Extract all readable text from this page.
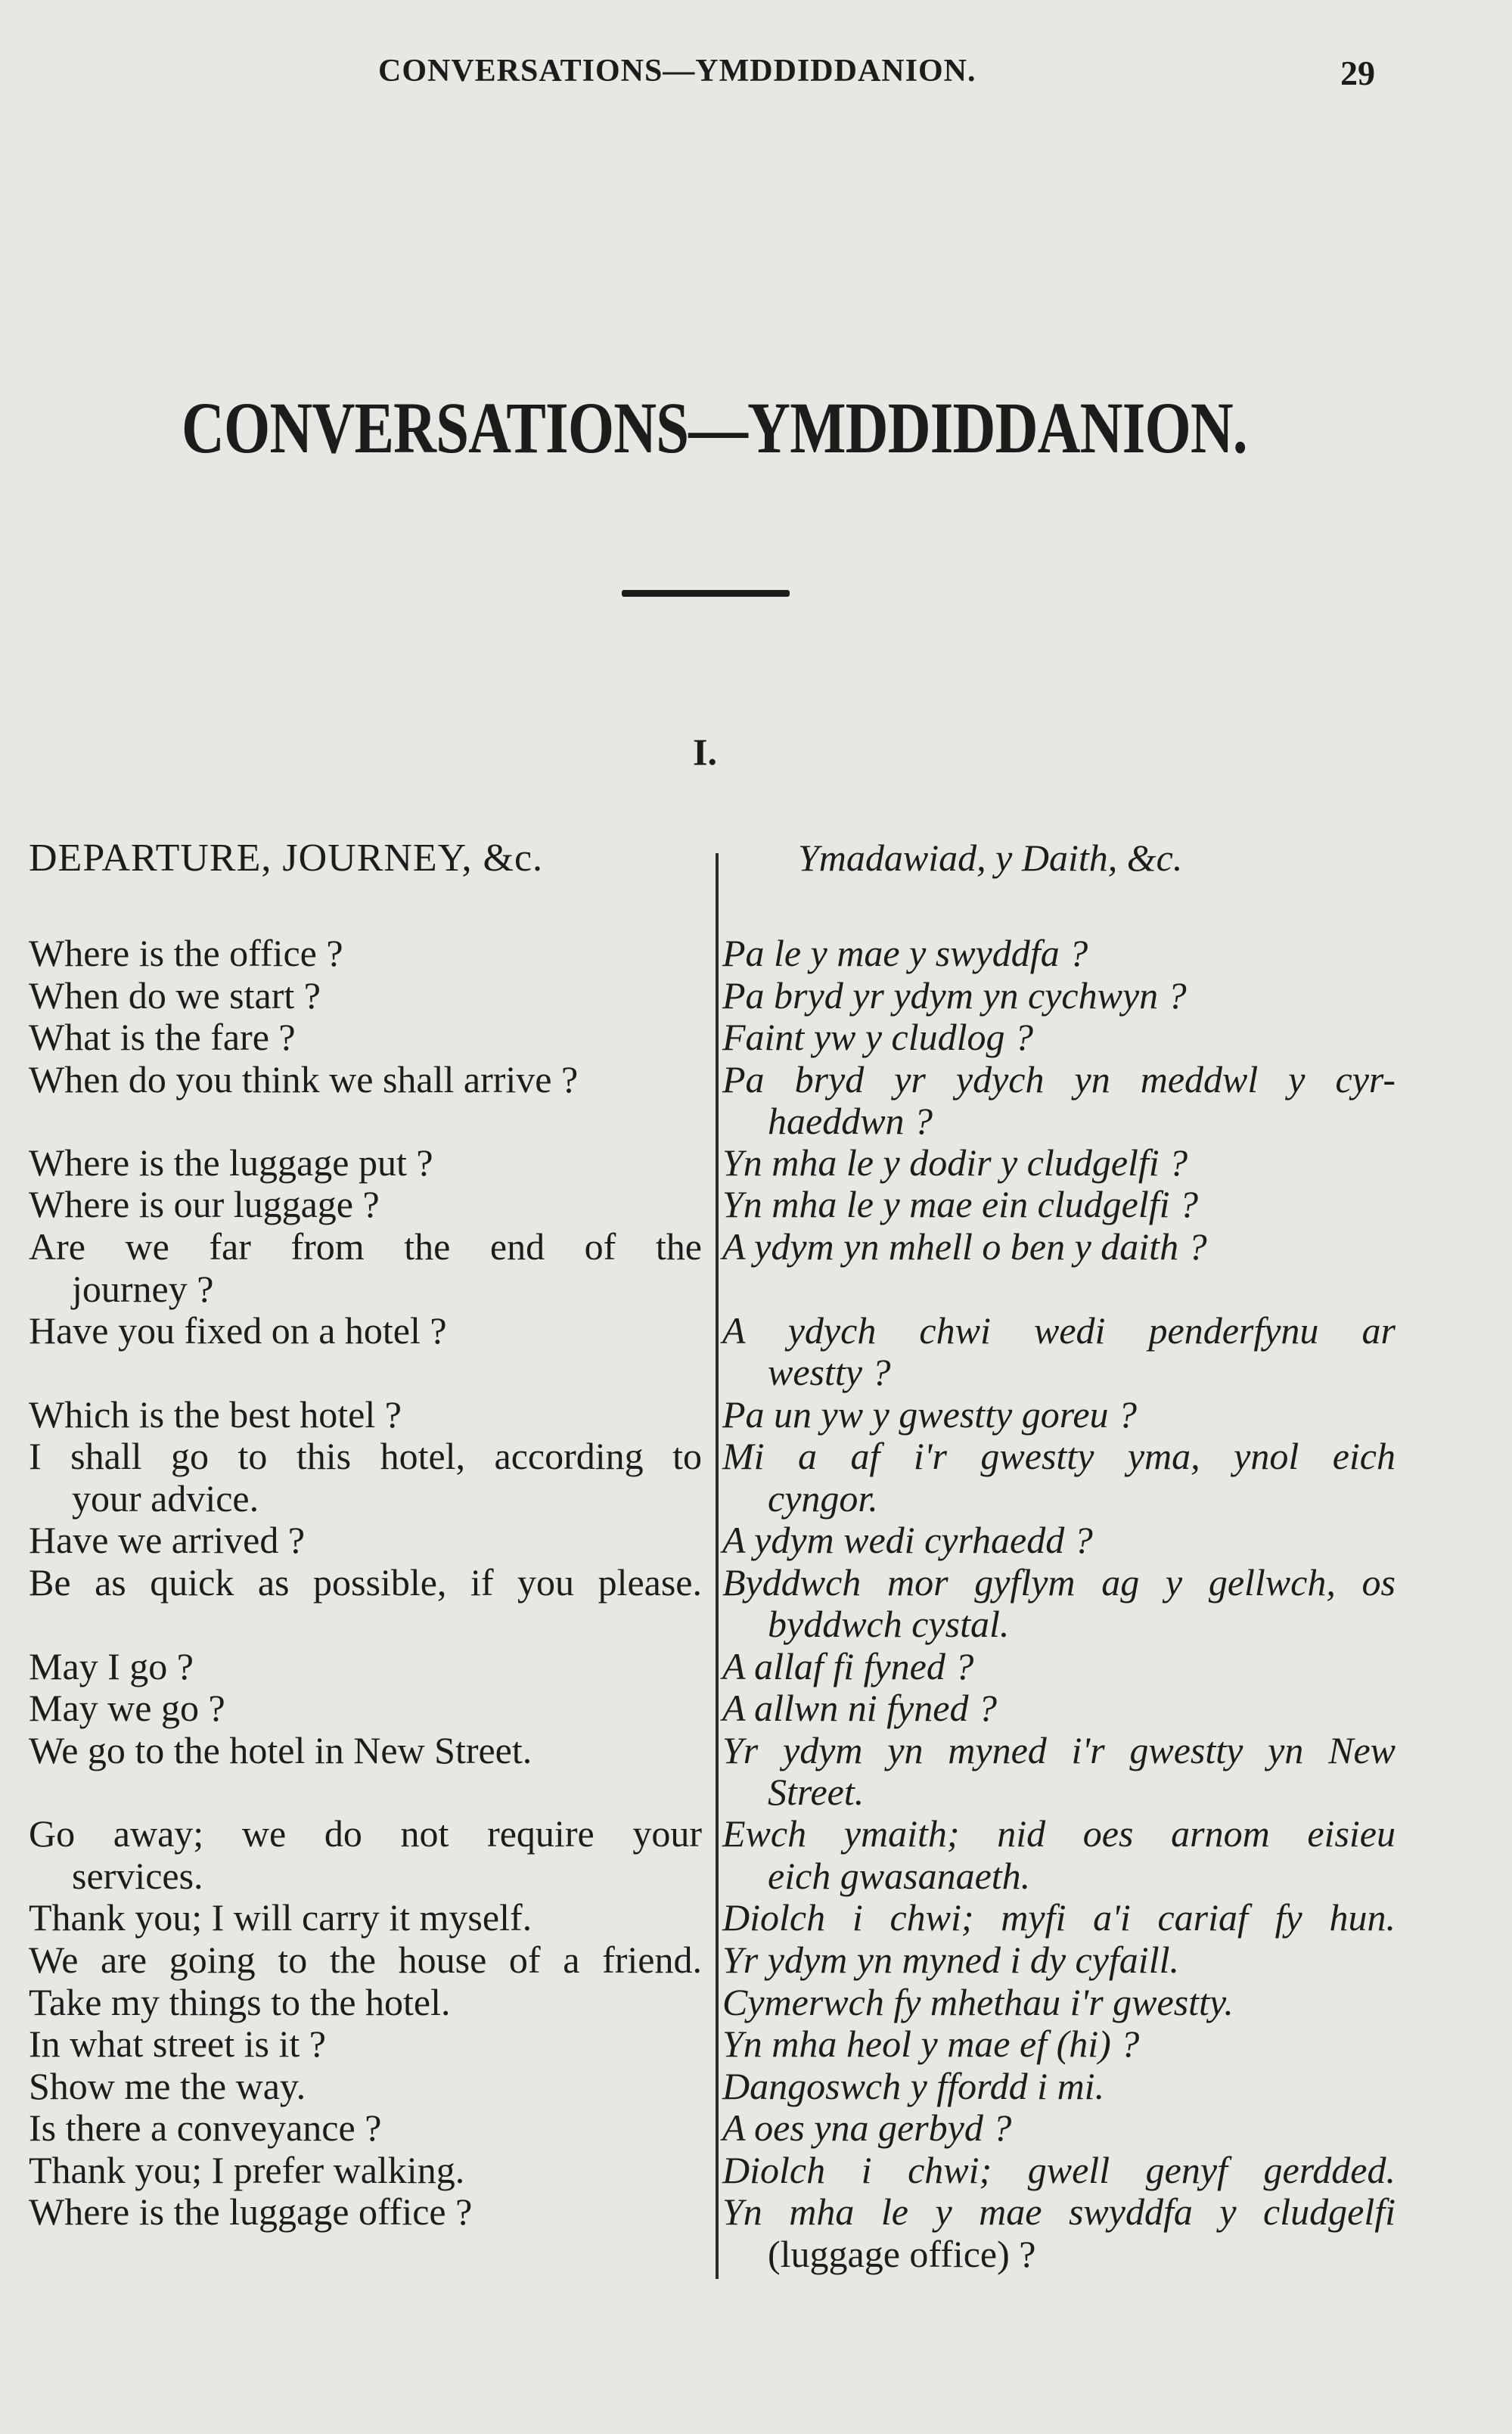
CONVERSATIONS—YMDDIDDANION.	29
CONVERSATIONS—YMDDIDDANION.
I.
DEPARTURE, JOURNEY, &c.	Ymadawiad, y Daith, &c.
Where is the office ?
When do we start ?
What is the fare ?
When do you think we shall arrive ?
Where is the luggage put ?
Where is our luggage ?
Are we far from the end of the
journey ?
Have you fixed on a hotel ?
Which is the best hotel ?
I shall go to this hotel, according to
your advice.
Have we arrived ?
Be as quick as possible, if you please.
May I go ?
May we go ?
We go to the hotel in New Street.
Go away; we do not require your
services.
Thank you; I will carry it myself.
We are going to the house of a friend.
Take my things to the hotel.
In what street is it ?
Show me the way.
Is there a conveyance ?
Thank you; I prefer walking.
Where is the luggage office ?
Pa le y mae y swyddfa ?
Pa bryd yr ydym yn cychwyn ?
Faint yw y cludlog ?
Pa bryd yr ydych yn meddwl y cyr-
haeddwn ?
Yn mha le y dodir y cludgelfi ?
Yn mha le y mae ein cludgelfi ?
A ydym yn mhell o ben y daith ?
A ydych chwi wedi penderfynu ar
westty ?
Pa un yw y gwestty goreu ?
Mi a af i'r gwestty yma, ynol eich
cyngor.
A ydym wedi cyrhaedd ?
Byddwch mor gyflym ag y gellwch, os
byddwch cystal.
A allaf fi fyned ?
A allwn ni fyned ?
Yr ydym yn myned i'r gwestty yn New
Street.
Ewch ymaith; nid oes arnom eisieu
eich gwasanaeth.
Diolch i chwi; myfi a'i cariaf fy hun.
Yr ydym yn myned i dy cyfaill.
Cymerwch fy mhethau i'r gwestty.
Yn mha heol y mae ef (hi) ?
Dangoswch y ffordd i mi.
A oes yna gerbyd ?
Diolch i chwi; gwell genyf gerdded.
Yn mha le y mae swyddfa y cludgelfi
(luggage office) ?
